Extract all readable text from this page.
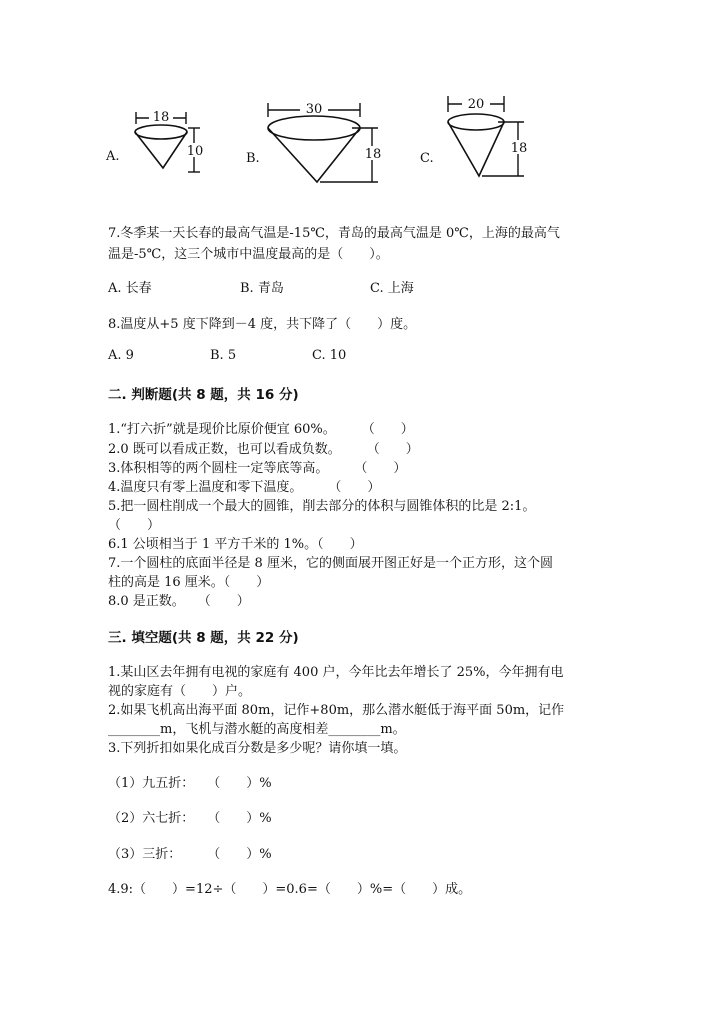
A.
18
10	B.
30
18	C.
20
18
7.冬季某一天长春的最高气温是-15℃，青岛的最高气温是 0℃，上海的最高气
温是-5℃，这三个城市中温度最高的是（　　）。
A. 长春	B. 青岛	C. 上海
8.温度从+5 度下降到－4 度，共下降了（　　）度。
A. 9	B. 5	C. 10
二. 判断题(共 8 题，共 16 分)
1.“打六折”就是现价比原价便宜 60%。　　　（　　）
2.0 既可以看成正数，也可以看成负数。　　　（　　）
3.体积相等的两个圆柱一定等底等高。　　　（　　）
4.温度只有零上温度和零下温度。　　　（　　）
5.把一圆柱削成一个最大的圆锥，削去部分的体积与圆锥体积的比是 2:1。
（　　）
6.1 公顷相当于 1 平方千米的 1%。（　　）
7.一个圆柱的底面半径是 8 厘米，它的侧面展开图正好是一个正方形，这个圆
柱的高是 16 厘米。（　　）
8.0 是正数。　　（　　）
三. 填空题(共 8 题，共 22 分)
1.某山区去年拥有电视的家庭有 400 户，今年比去年增长了 25%，今年拥有电
视的家庭有（　　）户。
2.如果飞机高出海平面 80m，记作+80m，那么潜水艇低于海平面 50m，记作
________m，飞机与潜水艇的高度相差________m。
3.下列折扣如果化成百分数是多少呢？请你填一填。
（1）九五折：　　（　　）%
（2）六七折：　　（　　）%
（3）三折：　　　（　　）%
4.9:（　　）=12÷（　　）=0.6=（　　）%=（　　）成。
